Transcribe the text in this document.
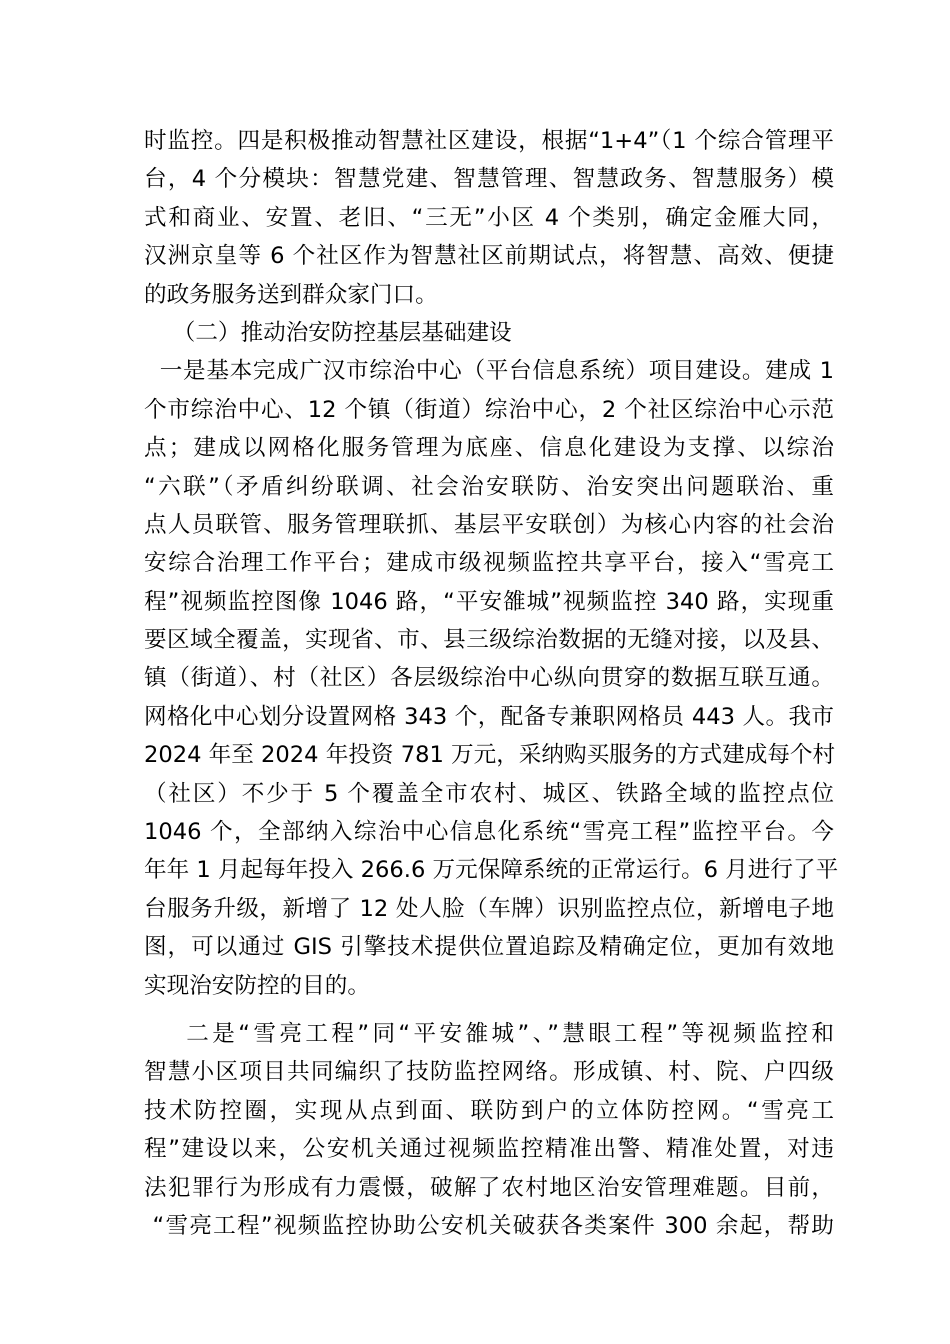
时监控。四是积极推动智慧社区建设，根据“1+4”（1 个综合管理平
台，4 个分模块：智慧党建、智慧管理、智慧政务、智慧服务）模
式和商业、安置、老旧、“三无”小区 4 个类别，确定金雁大同，
汉洲京皇等 6 个社区作为智慧社区前期试点，将智慧、高效、便捷
的政务服务送到群众家门口。
（二）推动治安防控基层基础建设
一是基本完成广汉市综治中心（平台信息系统）项目建设。建成 1
个市综治中心、12 个镇（街道）综治中心，2 个社区综治中心示范
点；建成以网格化服务管理为底座、信息化建设为支撑、以综治
“六联”（矛盾纠纷联调、社会治安联防、治安突出问题联治、重
点人员联管、服务管理联抓、基层平安联创）为核心内容的社会治
安综合治理工作平台；建成市级视频监控共享平台，接入“雪亮工
程”视频监控图像 1046 路，“平安雒城”视频监控 340 路，实现重
要区域全覆盖，实现省、市、县三级综治数据的无缝对接，以及县、
镇（街道）、村（社区）各层级综治中心纵向贯穿的数据互联互通。
网格化中心划分设置网格 343 个，配备专兼职网格员 443 人。我市
2024 年至 2024 年投资 781 万元，采纳购买服务的方式建成每个村
（社区）不少于 5 个覆盖全市农村、城区、铁路全域的监控点位
1046 个，全部纳入综治中心信息化系统“雪亮工程”监控平台。今
年年 1 月起每年投入 266.6 万元保障系统的正常运行。6 月进行了平
台服务升级，新增了 12 处人脸（车牌）识别监控点位，新增电子地
图，可以通过 GIS 引擎技术提供位置追踪及精确定位，更加有效地
实现治安防控的目的。
二是“雪亮工程”同“平安雒城”、”慧眼工程”等视频监控和
智慧小区项目共同编织了技防监控网络。形成镇、村、院、户四级
技术防控圈，实现从点到面、联防到户的立体防控网。“雪亮工
程”建设以来，公安机关通过视频监控精准出警、精准处置，对违
法犯罪行为形成有力震慑，破解了农村地区治安管理难题。目前，
“雪亮工程”视频监控协助公安机关破获各类案件 300 余起，帮助
